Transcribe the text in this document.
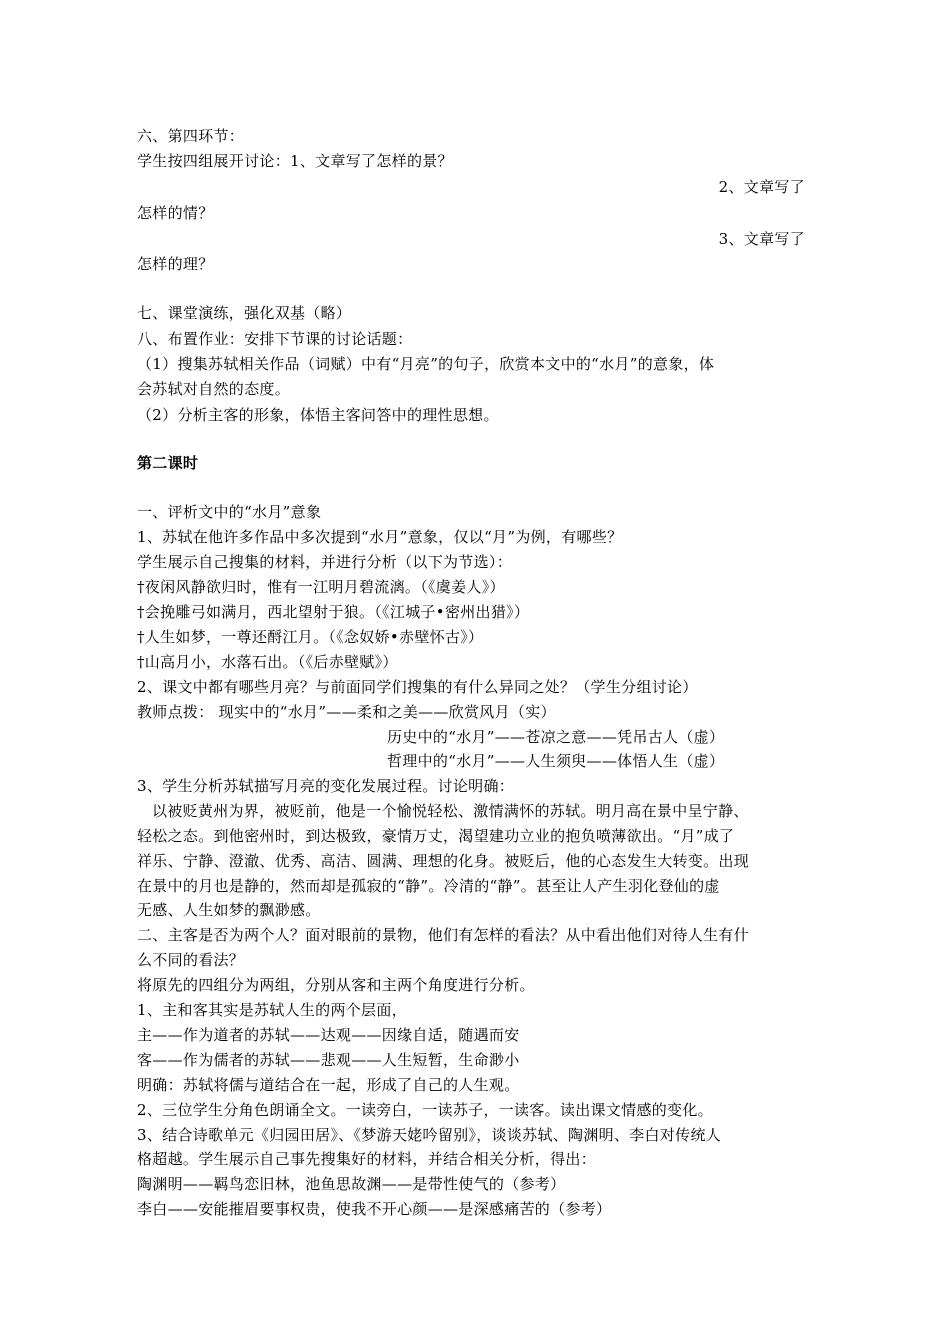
六、第四环节：
学生按四组展开讨论：1、文章写了怎样的景？
2、文章写了
怎样的情？
3、文章写了
怎样的理？
七、课堂演练，强化双基（略）
八、布置作业：安排下节课的讨论话题：
（1）搜集苏轼相关作品（词赋）中有“月亮”的句子，欣赏本文中的“水月”的意象，体
会苏轼对自然的态度。
（2）分析主客的形象，体悟主客问答中的理性思想。
第二课时
一、评析文中的“水月”意象
1、苏轼在他许多作品中多次提到“水月”意象，仅以“月”为例，有哪些？
学生展示自己搜集的材料，并进行分析（以下为节选）：
†夜闲风静欲归时，惟有一江明月碧流漓。（《虞姜人》）
†会挽雕弓如满月，西北望射于狼。（《江城子•密州出猎》）
†人生如梦，一尊还酹江月。（《念奴娇•赤壁怀古》）
†山高月小，水落石出。（《后赤壁赋》）
2、课文中都有哪些月亮？与前面同学们搜集的有什么异同之处？（学生分组讨论）
教师点拨： 现实中的“水月”——柔和之美——欣赏风月（实）
历史中的“水月”——苍凉之意——凭吊古人（虚）
哲理中的“水月”——人生须臾——体悟人生（虚）
3、学生分析苏轼描写月亮的变化发展过程。讨论明确：
以被贬黄州为界，被贬前，他是一个愉悦轻松、激情满怀的苏轼。明月高在景中呈宁静、
轻松之态。到他密州时，到达极致，豪情万丈，渴望建功立业的抱负喷薄欲出。“月”成了
祥乐、宁静、澄澈、优秀、高洁、圆满、理想的化身。被贬后，他的心态发生大转变。出现
在景中的月也是静的，然而却是孤寂的“静”。冷清的“静”。甚至让人产生羽化登仙的虚
无感、人生如梦的飘渺感。
二、主客是否为两个人？面对眼前的景物，他们有怎样的看法？从中看出他们对待人生有什
么不同的看法？
将原先的四组分为两组，分别从客和主两个角度进行分析。
1、主和客其实是苏轼人生的两个层面，
主——作为道者的苏轼——达观——因缘自适，随遇而安
客——作为儒者的苏轼——悲观——人生短暂，生命渺小
明确：苏轼将儒与道结合在一起，形成了自己的人生观。
2、三位学生分角色朗诵全文。一读旁白，一读苏子，一读客。读出课文情感的变化。
3、结合诗歌单元《归园田居》、《梦游天姥吟留别》，谈谈苏轼、陶渊明、李白对传统人
格超越。学生展示自己事先搜集好的材料，并结合相关分析，得出：
陶渊明——羁鸟恋旧林，池鱼思故渊——是带性使气的（参考）
李白——安能摧眉要事权贵，使我不开心颜——是深感痛苦的（参考）
